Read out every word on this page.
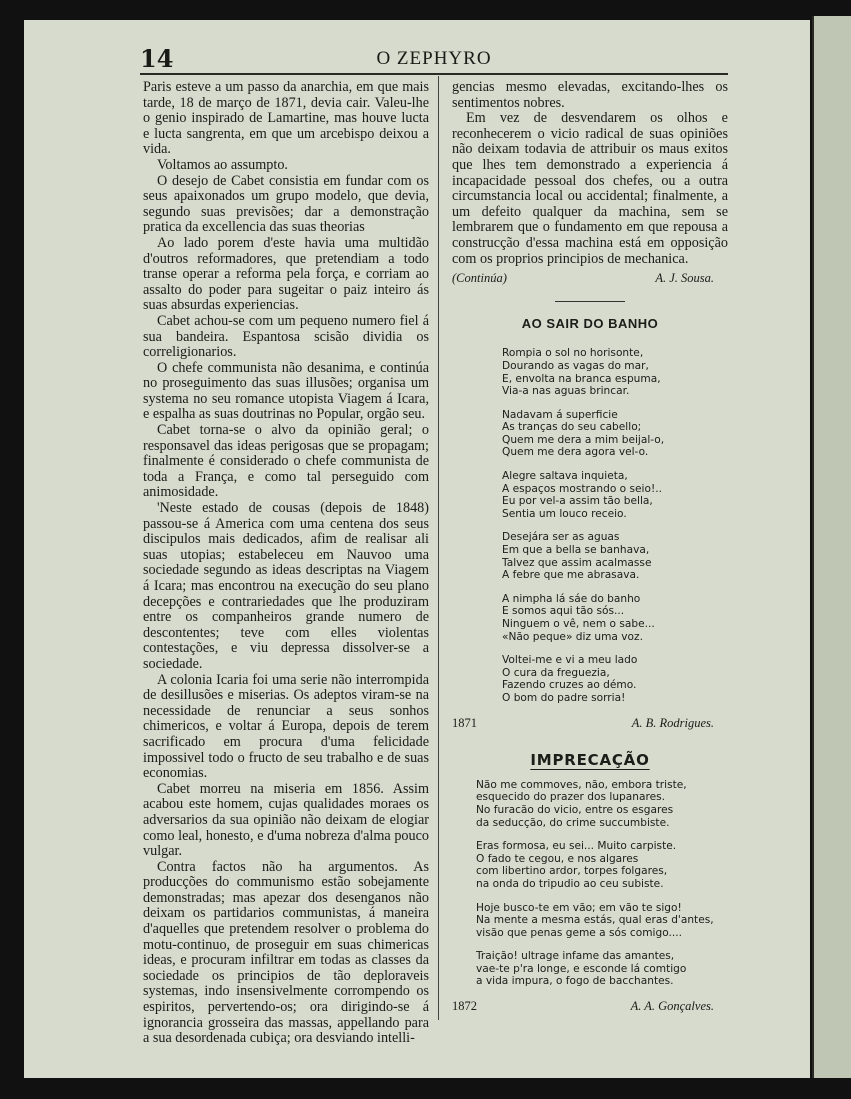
14	O ZEPHYRO

Paris esteve a um passo da anarchia, em que mais tarde, 18 de março de 1871, devia cair. Valeu-lhe o genio inspirado de Lamartine, mas houve lucta e lucta sangrenta, em que um arcebispo deixou a vida.

Voltamos ao assumpto.

O desejo de Cabet consistia em fundar com os seus apaixonados um grupo modelo, que devia, segundo suas previsões; dar a demonstração pratica da excellencia das suas theorias

Ao lado porem d'este havia uma multidão d'outros reformadores, que pretendiam a todo transe operar a reforma pela força, e corriam ao assalto do poder para sugeitar o paiz inteiro ás suas absurdas experiencias.

Cabet achou-se com um pequeno numero fiel á sua bandeira. Espantosa scisão dividia os correligionarios.

O chefe communista não desanima, e continúa no proseguimento das suas illusões; organisa um systema no seu romance utopista Viagem á Icara, e espalha as suas doutrinas no Popular, orgão seu.

Cabet torna-se o alvo da opinião geral; o responsavel das ideas perigosas que se propagam; finalmente é considerado o chefe communista de toda a França, e como tal perseguido com animosidade.

'Neste estado de cousas (depois de 1848) passou-se á America com uma centena dos seus discipulos mais dedicados, afim de realisar ali suas utopias; estabeleceu em Nauvoo uma sociedade segundo as ideas descriptas na Viagem á Icara; mas encontrou na execução do seu plano decepções e contrariedades que lhe produziram entre os companheiros grande numero de descontentes; teve com elles violentas contestações, e viu depressa dissolver-se a sociedade.

A colonia Icaria foi uma serie não interrompida de desillusões e miserias. Os adeptos viram-se na necessidade de renunciar a seus sonhos chimericos, e voltar á Europa, depois de terem sacrificado em procura d'uma felicidade impossivel todo o fructo de seu trabalho e de suas economias.

Cabet morreu na miseria em 1856. Assim acabou este homem, cujas qualidades moraes os adversarios da sua opinião não deixam de elogiar como leal, honesto, e d'uma nobreza d'alma pouco vulgar.

Contra factos não ha argumentos. As producções do communismo estão sobejamente demonstradas; mas apezar dos desenganos não deixam os partidarios communistas, á maneira d'aquelles que pretendem resolver o problema do motu-continuo, de proseguir em suas chimericas ideas, e procuram infiltrar em todas as classes da sociedade os principios de tão deploraveis systemas, indo insensivelmente corrompendo os espiritos, pervertendo-os; ora dirigindo-se á ignorancia grosseira das massas, appellando para a sua desordenada cubiça; ora desviando intelli-

gencias mesmo elevadas, excitando-lhes os sentimentos nobres.

Em vez de desvendarem os olhos e reconhecerem o vicio radical de suas opiniões não deixam todavia de attribuir os maus exitos que lhes tem demonstrado a experiencia á incapacidade pessoal dos chefes, ou a outra circumstancia local ou accidental; finalmente, a um defeito qualquer da machina, sem se lembrarem que o fundamento em que repousa a construcção d'essa machina está em opposição com os proprios principios de mechanica.

(Continúa)	A. J. Sousa.
AO SAIR DO BANHO
Rompia o sol no horisonte,
Dourando as vagas do mar,
E, envolta na branca espuma,
Via-a nas aguas brincar.
Nadavam á superficie
As tranças do seu cabello;
Quem me dera a mim beijal-o,
Quem me dera agora vel-o.
Alegre saltava inquieta,
A espaços mostrando o seio!..
Eu por vel-a assim tão bella,
Sentia um louco receio.
Desejára ser as aguas
Em que a bella se banhava,
Talvez que assim acalmasse
A febre que me abrasava.
A nimpha lá sáe do banho
E somos aqui tão sós...
Ninguem o vê, nem o sabe...
«Não peque» diz uma voz.
Voltei-me e vi a meu lado
O cura da freguezia,
Fazendo cruzes ao démo.
O bom do padre sorria!
1871	A. B. Rodrigues.
IMPRECAÇÃO
Não me commoves, não, embora triste,
esquecido do prazer dos lupanares.
No furacão do vicio, entre os esgares
da seducção, do crime succumbiste.
Eras formosa, eu sei... Muito carpiste.
O fado te cegou, e nos algares
com libertino ardor, torpes folgares,
na onda do tripudio ao ceu subiste.
Hoje busco-te em vão; em vão te sigo!
Na mente a mesma estás, qual eras d'antes,
visão que penas geme a sós comigo....
Traição! ultrage infame das amantes,
vae-te p'ra longe, e esconde lá comtigo
a vida impura, o fogo de bacchantes.
1872	A. A. Gonçalves.
